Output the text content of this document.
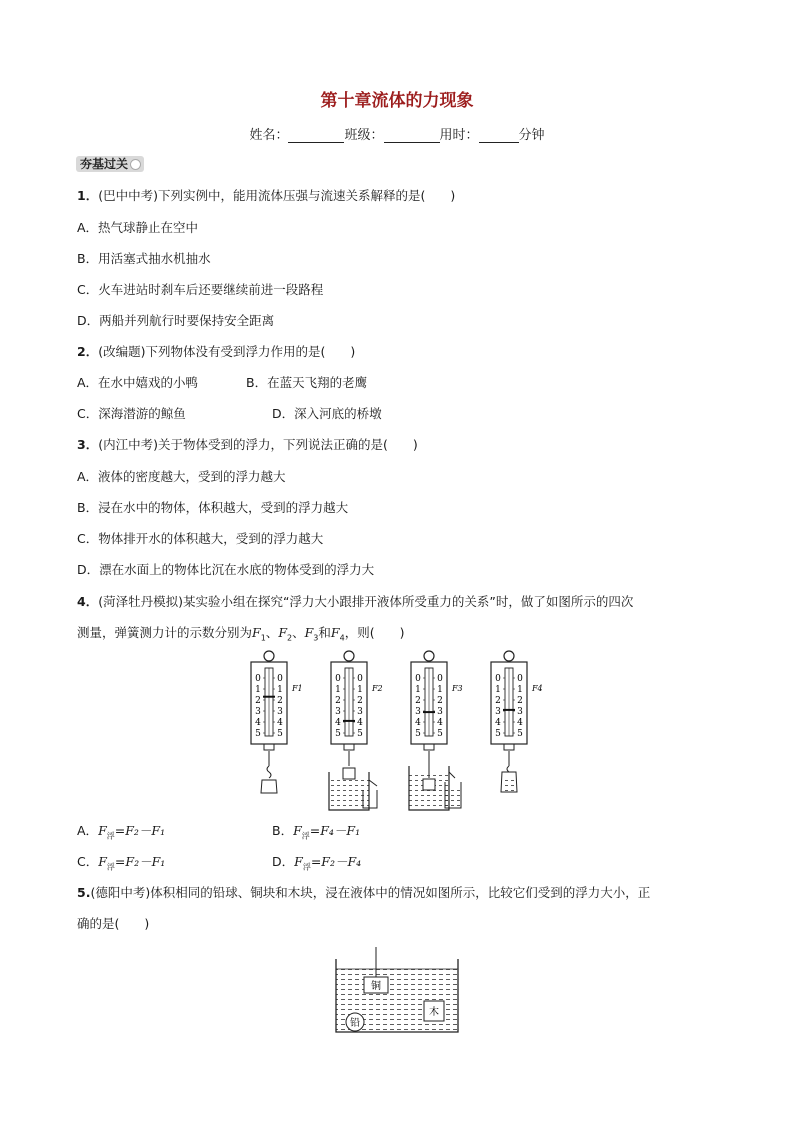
第十章流体的力现象
姓名：	班级：	用时：	分钟
夯基过关
1．(巴中中考)下列实例中，能用流体压强与流速关系解释的是(　　)
A．热气球静止在空中
B．用活塞式抽水机抽水
C．火车进站时刹车后还要继续前进一段路程
D．两船并列航行时要保持安全距离
2．(改编题)下列物体没有受到浮力作用的是(　　)
A．在水中嬉戏的小鸭	B．在蓝天飞翔的老鹰
C．深海潜游的鲸鱼	D．深入河底的桥墩
3．(内江中考)关于物体受到的浮力，下列说法正确的是(　　)
A．液体的密度越大，受到的浮力越大
B．浸在水中的物体，体积越大，受到的浮力越大
C．物体排开水的体积越大，受到的浮力越大
D．漂在水面上的物体比沉在水底的物体受到的浮力大
4．(菏泽牡丹模拟)某实验小组在探究“浮力大小跟排开液体所受重力的关系”时，做了如图所示的四次
测量，弹簧测力计的示数分别为$F_1$、$F_2$、$F_3$和$F_4$，则(　　)
0 0
1 1
2 2
3 3
4 4
5 5
0 0
1 1
2 2
3 3
4 4
5 5
0 0
1 1
2 2
3 3
4 4
5 5
0 0
1 1
2 2
3 3
4 4
5 5
F1	F2	F3	F4
A．$F_浮=F_2-F_1$	B．$F_浮=F_4-F_1$
C．$F_浮=F_2-F_1$	D．$F_浮=F_2-F_4$
5.(德阳中考)体积相同的铅球、铜块和木块，浸在液体中的情况如图所示，比较它们受到的浮力大小，正
确的是(　　)
铜
木
铅
